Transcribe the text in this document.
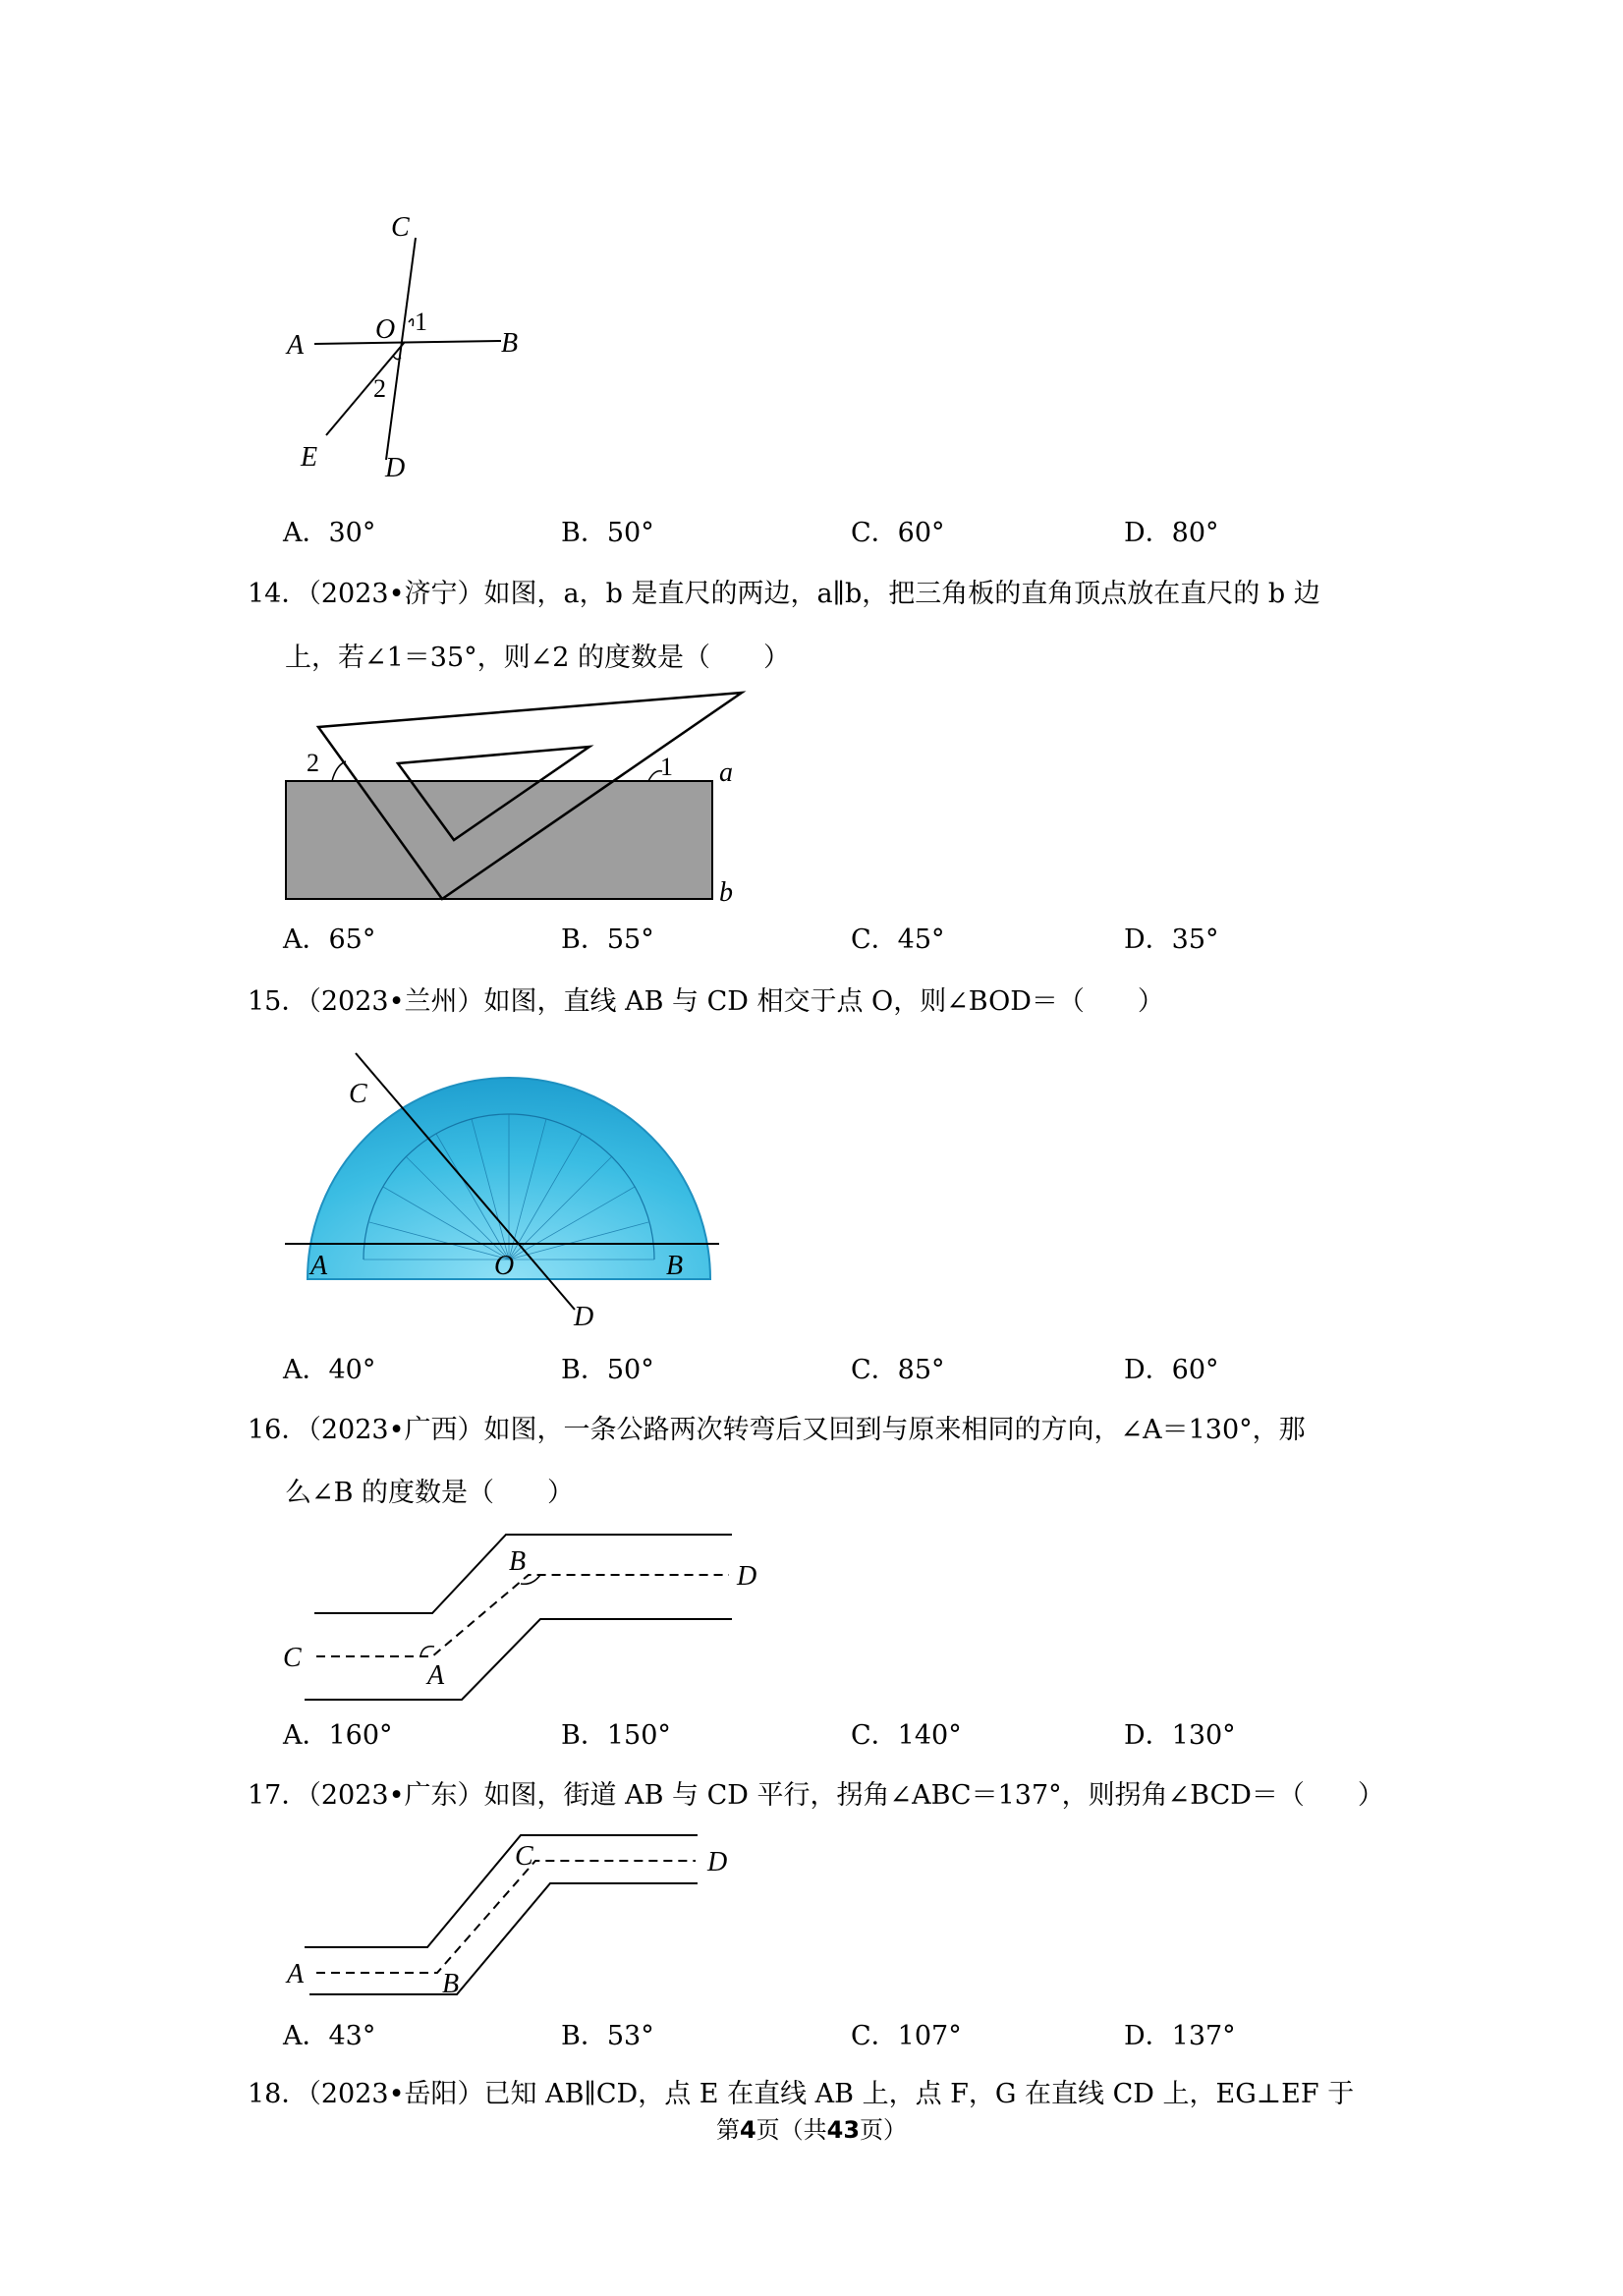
C
O 1
A	B
2
E D
A．30°	B．50°	C．60°	D．80°
14．（2023•济宁）如图，a，b 是直尺的两边，a∥b，把三角板的直角顶点放在直尺的 b 边
上，若∠1＝35°，则∠2 的度数是（　　）
2	1 a
b
A．65°	B．55°	C．45°	D．35°
15．（2023•兰州）如图，直线 AB 与 CD 相交于点 O，则∠BOD＝（　　）
C
A	O	B
D
A．40°	B．50°	C．85°	D．60°
16．（2023•广西）如图，一条公路两次转弯后又回到与原来相同的方向，∠A＝130°，那
么∠B 的度数是（　　）
B	D
C
A
A．160°	B．150°	C．140°	D．130°
17．（2023•广东）如图，街道 AB 与 CD 平行，拐角∠ABC＝137°，则拐角∠BCD＝（　　）
C	D
A	B
A．43°	B．53°	C．107°	D．137°
18．（2023•岳阳）已知 AB∥CD，点 E 在直线 AB 上，点 F，G 在直线 CD 上，EG⊥EF 于
第4页（共43页）
